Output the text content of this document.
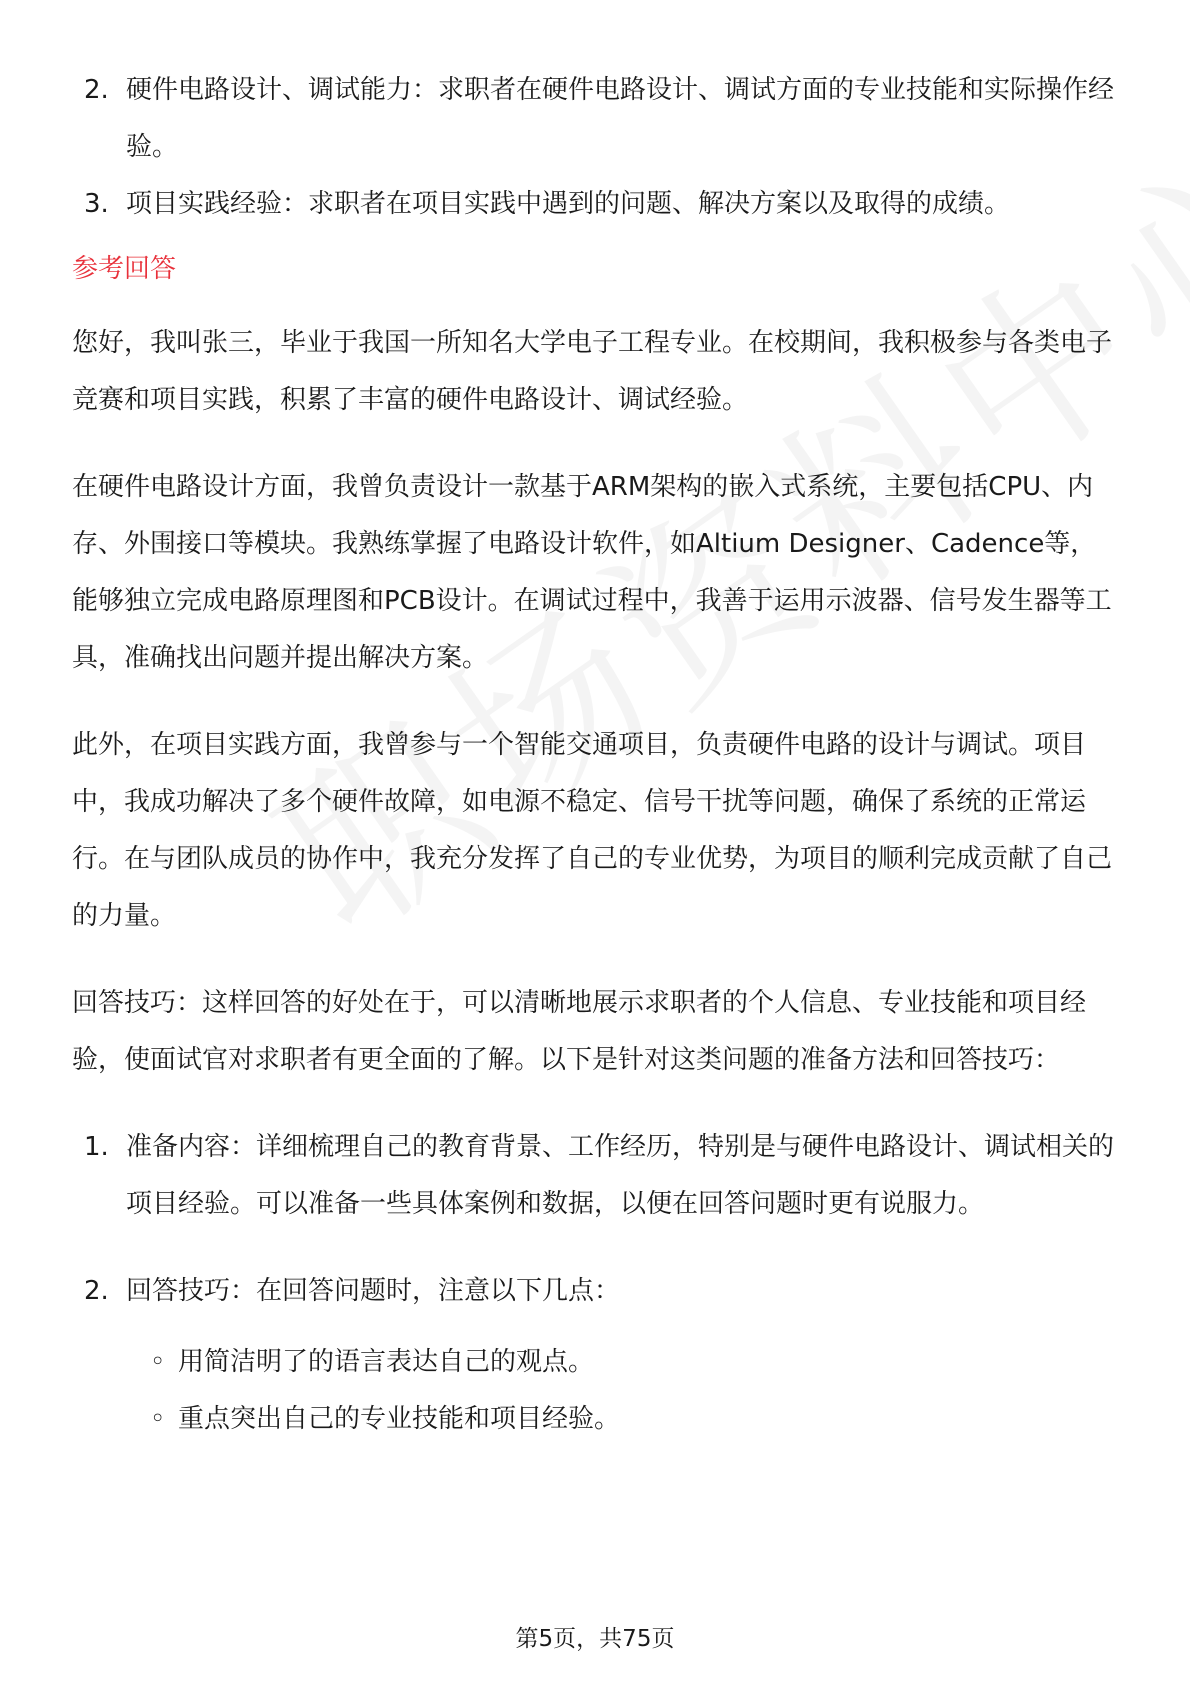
2. 硬件电路设计、调试能力：求职者在硬件电路设计、调试方面的专业技能和实际操作经验。
3. 项目实践经验：求职者在项目实践中遇到的问题、解决方案以及取得的成绩。
参考回答

您好，我叫张三，毕业于我国一所知名大学电子工程专业。在校期间，我积极参与各类电子竞赛和项目实践，积累了丰富的硬件电路设计、调试经验。

在硬件电路设计方面，我曾负责设计一款基于ARM架构的嵌入式系统，主要包括CPU、内存、外围接口等模块。我熟练掌握了电路设计软件，如Altium Designer、Cadence等，能够独立完成电路原理图和PCB设计。在调试过程中，我善于运用示波器、信号发生器等工具，准确找出问题并提出解决方案。

此外，在项目实践方面，我曾参与一个智能交通项目，负责硬件电路的设计与调试。项目中，我成功解决了多个硬件故障，如电源不稳定、信号干扰等问题，确保了系统的正常运行。在与团队成员的协作中，我充分发挥了自己的专业优势，为项目的顺利完成贡献了自己的力量。

回答技巧：这样回答的好处在于，可以清晰地展示求职者的个人信息、专业技能和项目经验，使面试官对求职者有更全面的了解。以下是针对这类问题的准备方法和回答技巧：

1. 准备内容：详细梳理自己的教育背景、工作经历，特别是与硬件电路设计、调试相关的项目经验。可以准备一些具体案例和数据，以便在回答问题时更有说服力。
2. 回答技巧：在回答问题时，注意以下几点：
◦ 用简洁明了的语言表达自己的观点。
◦ 重点突出自己的专业技能和项目经验。
第5页，共75页
